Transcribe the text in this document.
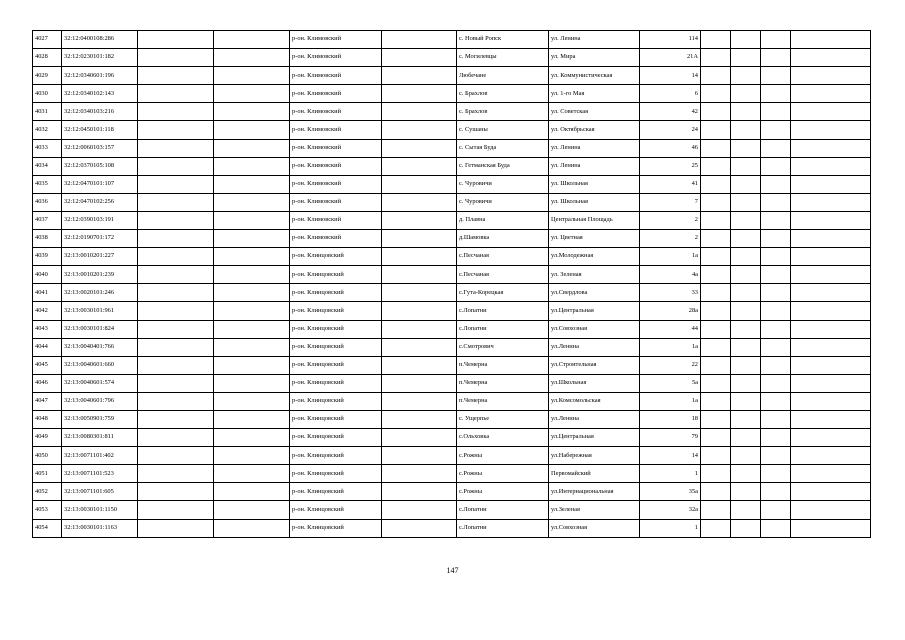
4027	32:12:0400108:286			р-он. Климовский		с. Новый Ропск	ул. Ленина	114				
4028	32:12:0230101:182			р-он. Климовский		с. Могилевцы	ул. Мира	21А				
4029	32:12:0340601:196			р-он. Климовский		Любечане	ул. Коммунистическая	14				
4030	32:12:0340102:143			р-он. Климовский		с. Брахлов	ул. 1-го Мая	6				
4031	32:12:0340103:216			р-он. Климовский		с. Брахлов	ул. Советская	42				
4032	32:12:0450101:118			р-он. Климовский		с. Сушаны	ул. Октябрьская	24				
4033	32:12:0060103:157			р-он. Климовский		с. Сытая Буда	ул. Ленина	46				
4034	32:12:0370105:108			р-он. Климовский		с. Гетманская Буда	ул. Ленина	25				
4035	32:12:0470101:107			р-он. Климовский		с. Чуровичи	ул. Школьная	41				
4036	32:12:0470102:256			р-он. Климовский		с. Чуровичи	ул. Школьная	7				
4037	32:12:0390103:191			р-он. Климовский		д. Плавна	Центральная Площадь	2				
4038	32:12:0190701:172			р-он. Климовский		д.Шамовка	ул. Цветная	2				
4039	32:13:0010201:227			р-он. Клинцовский		с.Песчаная	ул.Молодежная	1а				
4040	32:13:0010201:239			р-он. Клинцовский		с.Песчаная	ул. Зеленая	4а				
4041	32:13:0020101:246			р-он. Клинцовский		с.Гута-Корецкая	ул.Свердлова	33				
4042	32:13:0030101:961			р-он. Клинцовский		с.Лопатни	ул.Центральная	28а				
4043	32:13:0030101:824			р-он. Клинцовский		с.Лопатни	ул.Совхозная	44				
4044	32:13:0040401:766			р-он. Клинцовский		с.Смотрович	ул.Ленина	1а				
4045	32:13:0040601:660			р-он. Клинцовский		п.Чемерна	ул.Строительная	22				
4046	32:13:0040601:574			р-он. Клинцовский		п.Чемерна	ул.Школьная	5а				
4047	32:13:0040601:796			р-он. Клинцовский		п.Чемерна	ул.Комсомольская	1а				
4048	32:13:0050901:759			р-он. Клинцовский		с. Ущерпье	ул.Ленина	18				
4049	32:13:0080301:811			р-он. Клинцовский		с.Ольховка	ул.Центральная	79				
4050	32:13:0071101:402			р-он. Клинцовский		с.Рожны	ул.Набережная	14				
4051	32:13:0071101:523			р-он. Клинцовский		с.Рожны	Первомайский	1				
4052	32:13:0071101:605			р-он. Клинцовский		с.Рожны	ул.Интернациональная	35а				
4053	32:13:0030101:1150			р-он. Клинцовский		с.Лопатни	ул.Зеленая	32а				
4054	32:13:0030101:1163			р-он. Клинцовский		с.Лопатни	ул.Совхозная	1				
147
